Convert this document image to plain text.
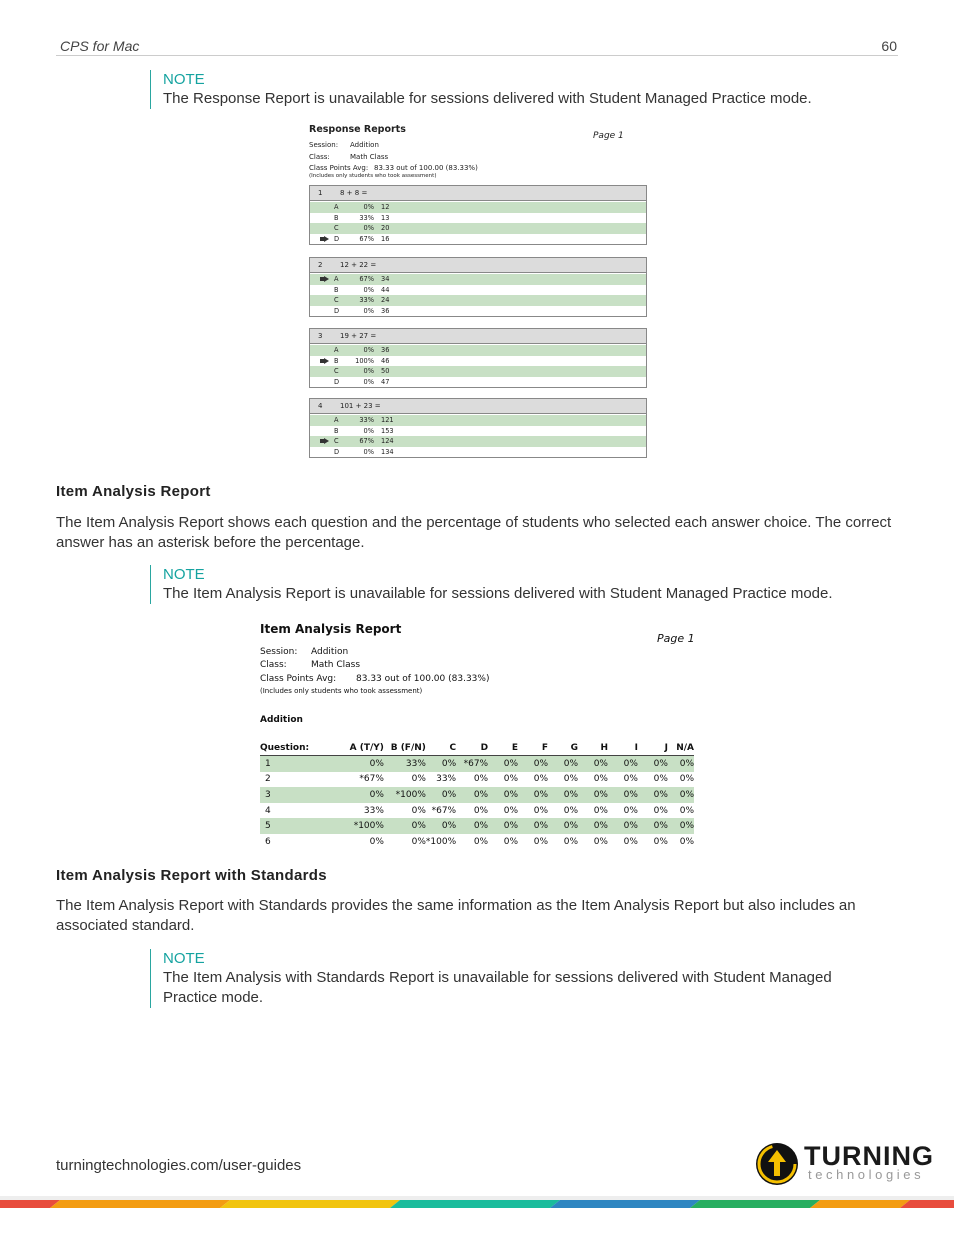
CPS for Mac	60
NOTE
The Response Report is unavailable for sessions delivered with Student Managed Practice mode.
Response Reports
Page 1
Session: Addition
Class:	Math Class
Class Points Avg: 83.33 out of 100.00 (83.33%)
(Includes only students who took assessment)
1	8 + 8 =
A	0% 12
B	33% 13
C	0% 20
D	67% 16
2	12 + 22 =
A	67% 34
B	0% 44
C	33% 24
D	0% 36
3	19 + 27 =
A	0% 36
B	100% 46
C	0% 50
D	0% 47
4	101 + 23 =
A	33% 121
B	0% 153
C	67% 124
D	0% 134
Item Analysis Report
The Item Analysis Report shows each question and the percentage of students who selected each answer choice. The correct answer has an asterisk before the percentage.
NOTE
The Item Analysis Report is unavailable for sessions delivered with Student Managed Practice mode.
Item Analysis Report
Page 1
Session: Addition
Class:	Math Class
Class Points Avg: 83.33 out of 100.00 (83.33%)
(Includes only students who took assessment)
Addition
Question:	A (T/Y)	B (F/N)	C	D	E	F	G	H	I	J	N/A
1	0%	33%	0%	*67%	0%	0%	0%	0%	0%	0%	0%
2	*67%	0%	33%	0%	0%	0%	0%	0%	0%	0%	0%
3	0%	*100%	0%	0%	0%	0%	0%	0%	0%	0%	0%
4	33%	0%	*67%	0%	0%	0%	0%	0%	0%	0%	0%
5	*100%	0%	0%	0%	0%	0%	0%	0%	0%	0%	0%
6	0%	0%	*100%	0%	0%	0%	0%	0%	0%	0%	0%
Item Analysis Report with Standards
The Item Analysis Report with Standards provides the same information as the Item Analysis Report but also includes an associated standard.
NOTE
The Item Analysis with Standards Report is unavailable for sessions delivered with Student Managed Practice mode.
turningtechnologies.com/user-guides	TURNING
technologies
